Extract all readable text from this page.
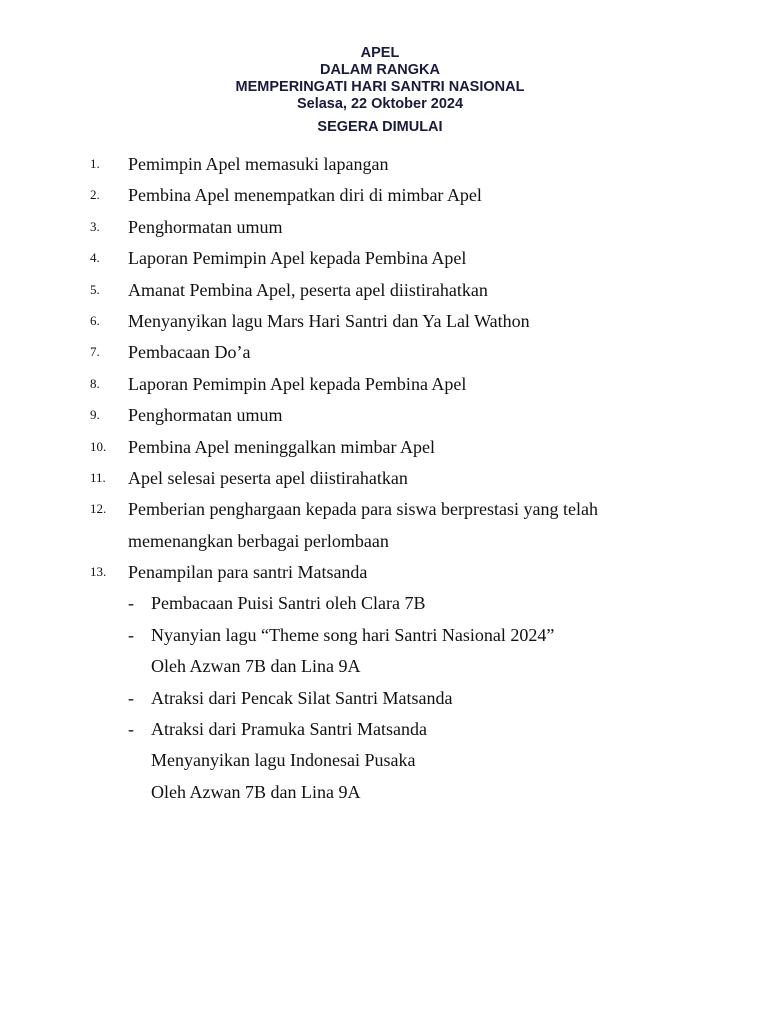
APEL
DALAM RANGKA
MEMPERINGATI HARI SANTRI NASIONAL
Selasa, 22 Oktober 2024
SEGERA DIMULAI
1.	Pemimpin Apel memasuki lapangan
2.	Pembina Apel menempatkan diri di mimbar Apel
3.	Penghormatan umum
4.	Laporan Pemimpin Apel kepada Pembina Apel
5.	Amanat Pembina Apel, peserta apel diistirahatkan
6.	Menyanyikan lagu Mars Hari Santri dan Ya Lal Wathon
7.	Pembacaan Do’a
8.	Laporan Pemimpin Apel kepada Pembina Apel
9.	Penghormatan umum
10.	Pembina Apel meninggalkan mimbar Apel
11.	Apel selesai peserta apel diistirahatkan
12.	Pemberian penghargaan kepada para siswa berprestasi yang telah
memenangkan berbagai perlombaan
13.	Penampilan para santri Matsanda
- Pembacaan Puisi Santri oleh Clara 7B
- Nyanyian lagu “Theme song hari Santri Nasional 2024”
Oleh Azwan 7B dan Lina 9A
- Atraksi dari Pencak Silat Santri Matsanda
- Atraksi dari Pramuka Santri Matsanda
Menyanyikan lagu Indonesai Pusaka
Oleh Azwan 7B dan Lina 9A
